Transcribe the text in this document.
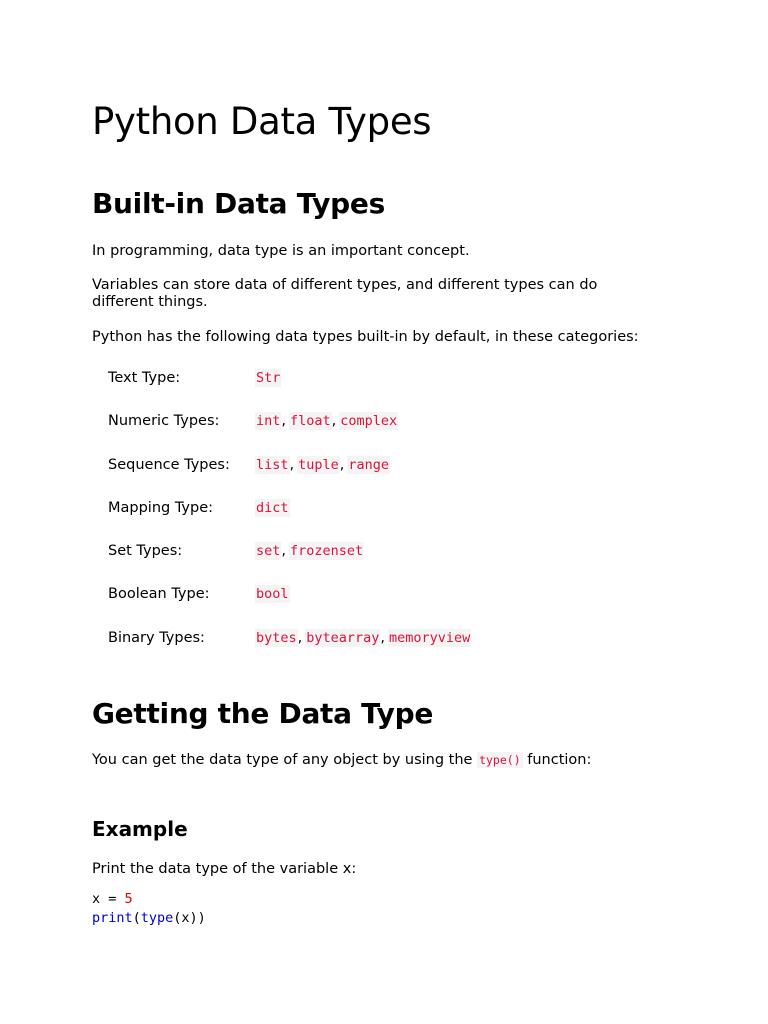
Python Data Types
Built-in Data Types

In programming, data type is an important concept.

Variables can store data of different types, and different types can do different things.

Python has the following data types built-in by default, in these categories:

Text Type:	Str
Numeric Types:	int, float, complex
Sequence Types: list, tuple, range
Mapping Type:	dict
Set Types:	set, frozenset
Boolean Type:	bool
Binary Types:	bytes, bytearray, memoryview
Getting the Data Type

You can get the data type of any object by using the type() function:

Example

Print the data type of the variable x:

x = 5
print(type(x))
